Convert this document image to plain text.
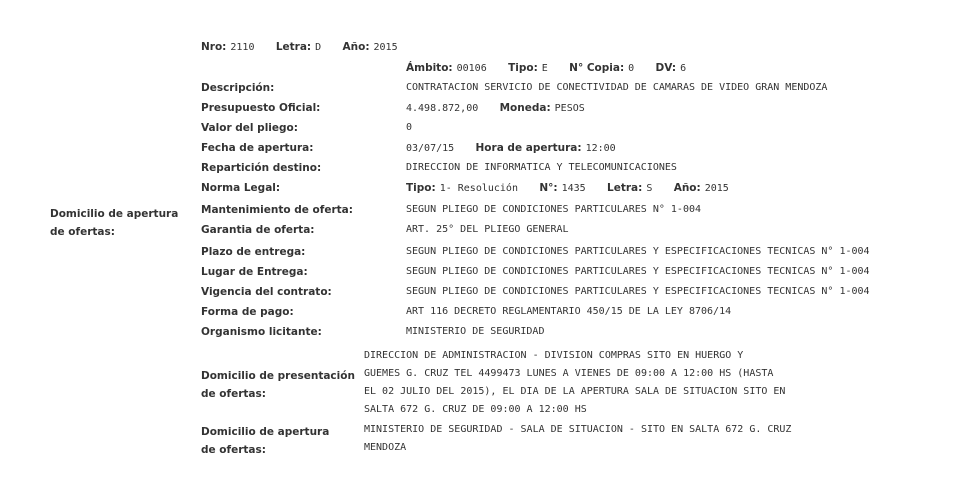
Nro: 2110 Letra: D Año: 2015
Ámbito: 00106 Tipo: E N° Copia: 0 DV: 6
Descripción:	CONTRATACION SERVICIO DE CONECTIVIDAD DE CAMARAS DE VIDEO GRAN MENDOZA
Presupuesto Oficial:	4.498.872,00 Moneda: PESOS
Valor del pliego:	0
Fecha de apertura:	03/07/15 Hora de apertura: 12:00
Repartición destino:	DIRECCION DE INFORMATICA Y TELECOMUNICACIONES
Norma Legal:	Tipo: 1- Resolución N°: 1435 Letra: S Año: 2015
Domicilio de apertura
de ofertas:
Mantenimiento de oferta:	SEGUN PLIEGO DE CONDICIONES PARTICULARES N° 1-004
Garantia de oferta:	ART. 25° DEL PLIEGO GENERAL
Plazo de entrega:	SEGUN PLIEGO DE CONDICIONES PARTICULARES Y ESPECIFICACIONES TECNICAS N° 1-004
Lugar de Entrega:	SEGUN PLIEGO DE CONDICIONES PARTICULARES Y ESPECIFICACIONES TECNICAS N° 1-004
Vigencia del contrato:	SEGUN PLIEGO DE CONDICIONES PARTICULARES Y ESPECIFICACIONES TECNICAS N° 1-004
Forma de pago:	ART 116 DECRETO REGLAMENTARIO 450/15 DE LA LEY 8706/14
Organismo licitante:	MINISTERIO DE SEGURIDAD
Domicilio de presentación
de ofertas:
DIRECCION DE ADMINISTRACION - DIVISION COMPRAS SITO EN HUERGO Y
GUEMES G. CRUZ TEL 4499473 LUNES A VIENES DE 09:00 A 12:00 HS (HASTA
EL 02 JULIO DEL 2015), EL DIA DE LA APERTURA SALA DE SITUACION SITO EN
SALTA 672 G. CRUZ DE 09:00 A 12:00 HS
Domicilio de apertura
de ofertas:
MINISTERIO DE SEGURIDAD - SALA DE SITUACION - SITO EN SALTA 672 G. CRUZ
MENDOZA
